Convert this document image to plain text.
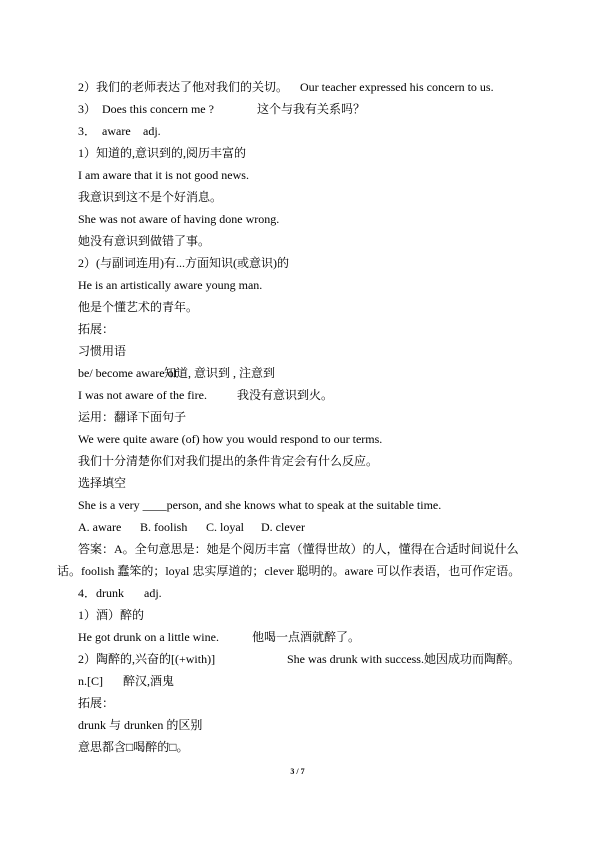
2）我们的老师表达了他对我们的关切。 Our teacher expressed his concern to us.
3） Does this concern me ?	这个与我有关系吗？
3． aware adj.
1）知道的,意识到的,阅历丰富的
I am aware that it is not good news.
我意识到这不是个好消息。
She was not aware of having done wrong.
她没有意识到做错了事。
2）(与副词连用)有...方面知识(或意识)的
He is an artistically aware young man.
他是个懂艺术的青年。
拓展：
习惯用语
be/ become aware of
知道, 意识到 , 注意到
I was not aware of the fire.	我没有意识到火。
运用：翻译下面句子
We were quite aware (of) how you would respond to our terms.
我们十分清楚你们对我们提出的条件肯定会有什么反应。
选择填空
She is a very ____person, and she knows what to speak at the suitable time.
A. aware B. foolish C. loyal D. clever
答案：A。全句意思是：她是个阅历丰富（懂得世故）的人，懂得在合适时间说什么
话。foolish 蠢笨的；loyal 忠实厚道的；clever 聪明的。aware 可以作表语，也可作定语。
4．drunk adj.
1）酒）醉的
He got drunk on a little wine.	他喝一点酒就醉了。
2）陶醉的,兴奋的[(+with)]	She was drunk with success.她因成功而陶醉。
n.[C] 醉汉,酒鬼
拓展：
drunk 与 drunken 的区别
意思都含□喝醉的□。
3 / 7
